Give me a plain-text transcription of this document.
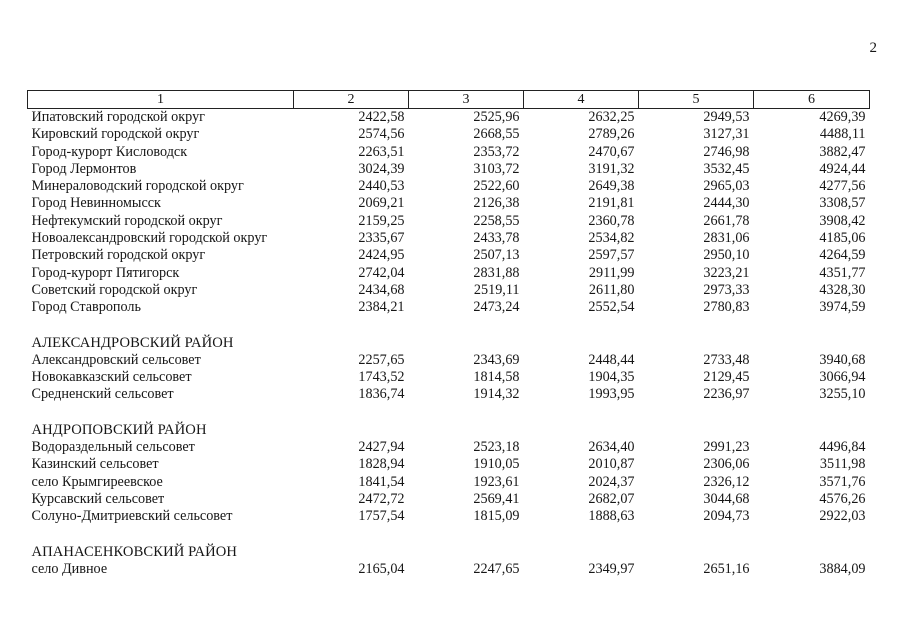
2
1	2	3	4	5	6
Ипатовский городской округ	2422,58	2525,96	2632,25	2949,53	4269,39
Кировский городской округ	2574,56	2668,55	2789,26	3127,31	4488,11
Город-курорт Кисловодск	2263,51	2353,72	2470,67	2746,98	3882,47
Город Лермонтов	3024,39	3103,72	3191,32	3532,45	4924,44
Минераловодский городской округ	2440,53	2522,60	2649,38	2965,03	4277,56
Город Невинномысск	2069,21	2126,38	2191,81	2444,30	3308,57
Нефтекумский городской округ	2159,25	2258,55	2360,78	2661,78	3908,42
Новоалександровский городской округ	2335,67	2433,78	2534,82	2831,06	4185,06
Петровский городской округ	2424,95	2507,13	2597,57	2950,10	4264,59
Город-курорт Пятигорск	2742,04	2831,88	2911,99	3223,21	4351,77
Советский городской округ	2434,68	2519,11	2611,80	2973,33	4328,30
Город Ставрополь	2384,21	2473,24	2552,54	2780,83	3974,59

АЛЕКСАНДРОВСКИЙ РАЙОН					
Александровский сельсовет	2257,65	2343,69	2448,44	2733,48	3940,68
Новокавказский сельсовет	1743,52	1814,58	1904,35	2129,45	3066,94
Средненский сельсовет	1836,74	1914,32	1993,95	2236,97	3255,10

АНДРОПОВСКИЙ РАЙОН					
Водораздельный сельсовет	2427,94	2523,18	2634,40	2991,23	4496,84
Казинский сельсовет	1828,94	1910,05	2010,87	2306,06	3511,98
село Крымгиреевское	1841,54	1923,61	2024,37	2326,12	3571,76
Курсавский сельсовет	2472,72	2569,41	2682,07	3044,68	4576,26
Солуно-Дмитриевский сельсовет	1757,54	1815,09	1888,63	2094,73	2922,03

АПАНАСЕНКОВСКИЙ РАЙОН					
село Дивное	2165,04	2247,65	2349,97	2651,16	3884,09
